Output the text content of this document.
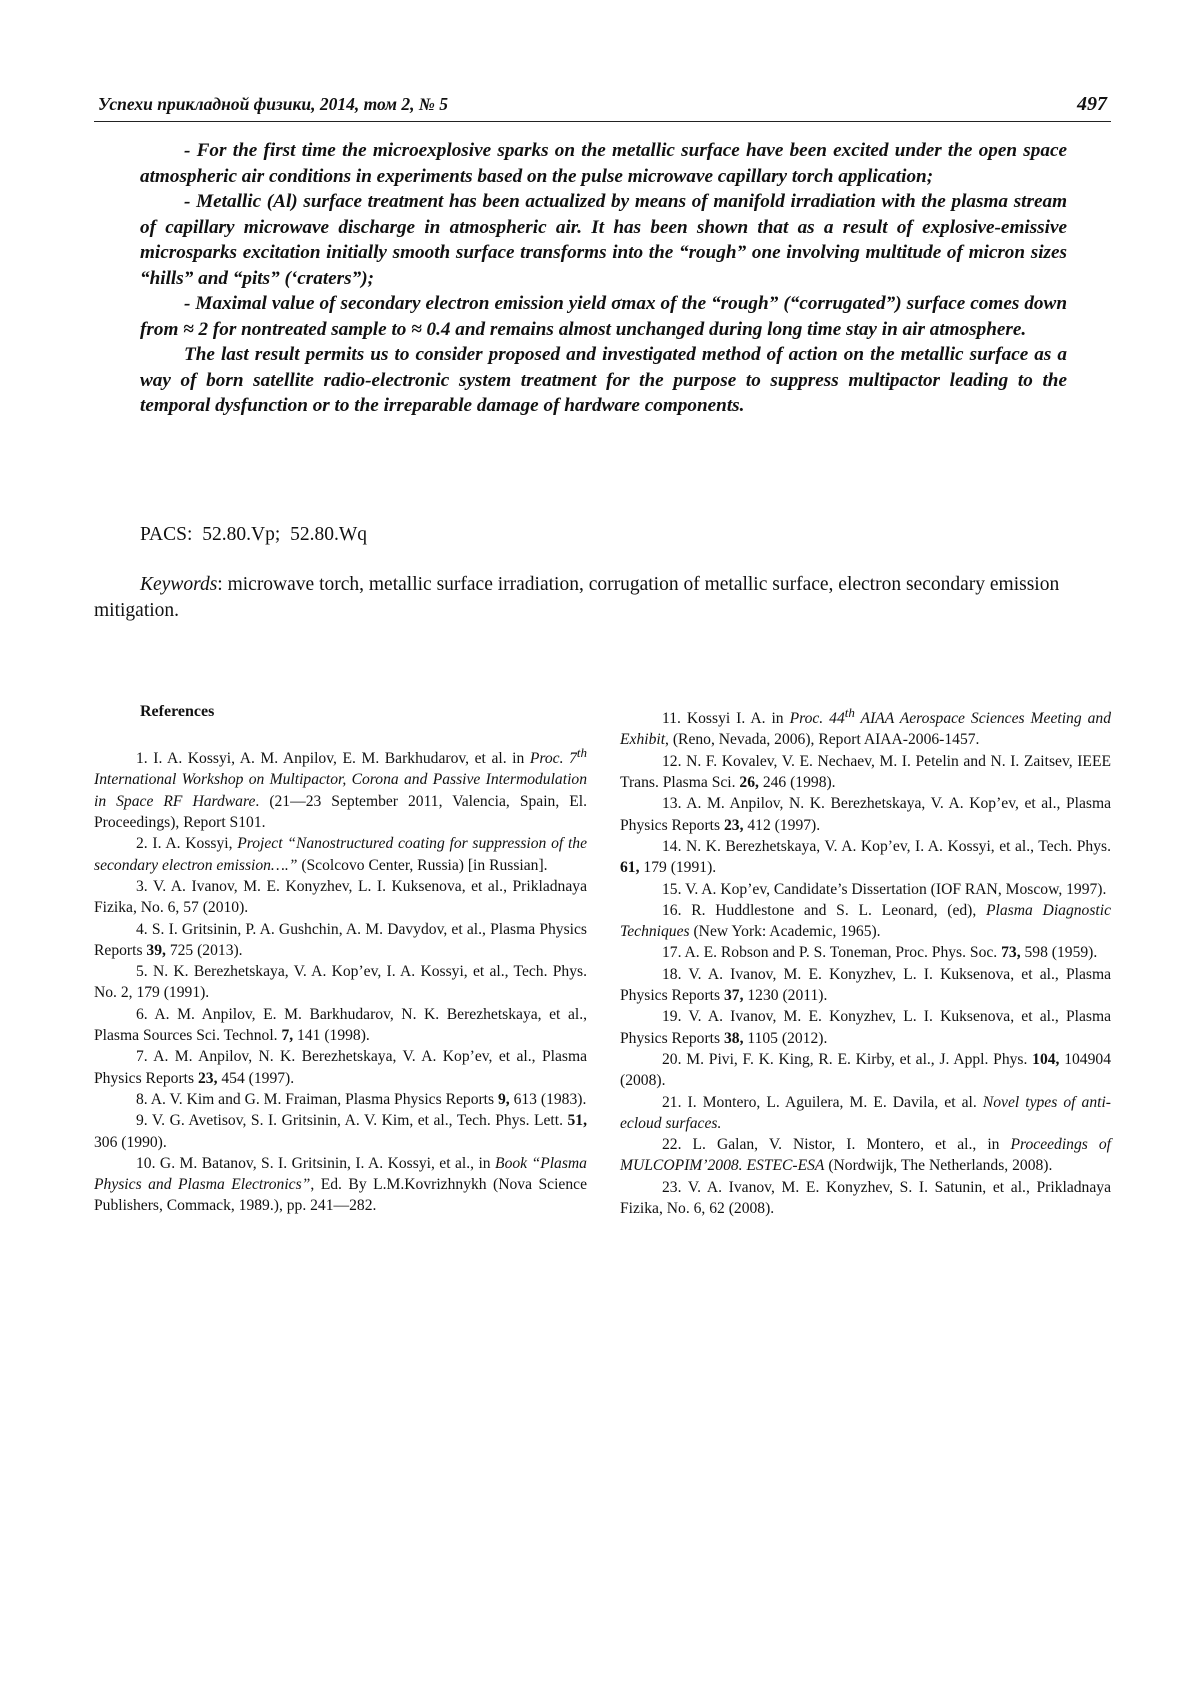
Успехи прикладной физики, 2014, том 2, № 5	497

- For the first time the microexplosive sparks on the metallic surface have been excited under the open space atmospheric air conditions in experiments based on the pulse microwave capillary torch application;

- Metallic (Al) surface treatment has been actualized by means of manifold irradiation with the plasma stream of capillary microwave discharge in atmospheric air. It has been shown that as a result of explosive-emissive microsparks excitation initially smooth surface transforms into the “rough” one involving multitude of micron sizes “hills” and “pits” (‘craters”);

- Maximal value of secondary electron emission yield σmax of the “rough” (“corrugated”) surface comes down from ≈ 2 for nontreated sample to ≈ 0.4 and remains almost unchanged during long time stay in air atmosphere.

The last result permits us to consider proposed and investigated method of action on the metallic surface as a way of born satellite radio-electronic system treatment for the purpose to suppress multipactor leading to the temporal dysfunction or to the irreparable damage of hardware components.

PACS: 52.80.Vp; 52.80.Wq
Keywords: microwave torch, metallic surface irradiation, corrugation of metallic surface, electron secondary emission mitigation.
References

1. I. A. Kossyi, A. M. Anpilov, E. M. Barkhudarov, et al. in Proc. 7th International Workshop on Multipactor, Corona and Passive Intermodulation in Space RF Hardware. (21—23 September 2011, Valencia, Spain, El. Proceedings), Report S101.

2. I. A. Kossyi, Project “Nanostructured coating for suppression of the secondary electron emission….” (Scolcovo Center, Russia) [in Russian].

3. V. A. Ivanov, M. E. Konyzhev, L. I. Kuksenova, et al., Prikladnaya Fizika, No. 6, 57 (2010).

4. S. I. Gritsinin, P. A. Gushchin, A. M. Davydov, et al., Plasma Physics Reports 39, 725 (2013).

5. N. K. Berezhetskaya, V. A. Kop’ev, I. A. Kossyi, et al., Tech. Phys. No. 2, 179 (1991).

6. A. M. Anpilov, E. M. Barkhudarov, N. K. Berezhetskaya, et al., Plasma Sources Sci. Technol. 7, 141 (1998).

7. A. M. Anpilov, N. K. Berezhetskaya, V. A. Kop’ev, et al., Plasma Physics Reports 23, 454 (1997).

8. A. V. Kim and G. M. Fraiman, Plasma Physics Reports 9, 613 (1983).

9. V. G. Avetisov, S. I. Gritsinin, A. V. Kim, et al., Tech. Phys. Lett. 51, 306 (1990).

10. G. M. Batanov, S. I. Gritsinin, I. A. Kossyi, et al., in Book “Plasma Physics and Plasma Electronics”, Ed. By L.M.Kovrizhnykh (Nova Science Publishers, Commack, 1989.), pp. 241—282.

11. Kossyi I. A. in Proc. 44th AIAA Aerospace Sciences Meeting and Exhibit, (Reno, Nevada, 2006), Report AIAA-2006-1457.

12. N. F. Kovalev, V. E. Nechaev, M. I. Petelin and N. I. Zaitsev, IEEE Trans. Plasma Sci. 26, 246 (1998).

13. A. M. Anpilov, N. K. Berezhetskaya, V. A. Kop’ev, et al., Plasma Physics Reports 23, 412 (1997).

14. N. K. Berezhetskaya, V. A. Kop’ev, I. A. Kossyi, et al., Tech. Phys. 61, 179 (1991).

15. V. A. Kop’ev, Candidate’s Dissertation (IOF RAN, Moscow, 1997).

16. R. Huddlestone and S. L. Leonard, (ed), Plasma Diagnostic Techniques (New York: Academic, 1965).

17. A. E. Robson and P. S. Toneman, Proc. Phys. Soc. 73, 598 (1959).

18. V. A. Ivanov, M. E. Konyzhev, L. I. Kuksenova, et al., Plasma Physics Reports 37, 1230 (2011).

19. V. A. Ivanov, M. E. Konyzhev, L. I. Kuksenova, et al., Plasma Physics Reports 38, 1105 (2012).

20. M. Pivi, F. K. King, R. E. Kirby, et al., J. Appl. Phys. 104, 104904 (2008).

21. I. Montero, L. Aguilera, M. E. Davila, et al. Novel types of anti-ecloud surfaces.

22. L. Galan, V. Nistor, I. Montero, et al., in Proceedings of MULCOPIM’2008. ESTEC-ESA (Nordwijk, The Netherlands, 2008).

23. V. A. Ivanov, M. E. Konyzhev, S. I. Satunin, et al., Prikladnaya Fizika, No. 6, 62 (2008).
